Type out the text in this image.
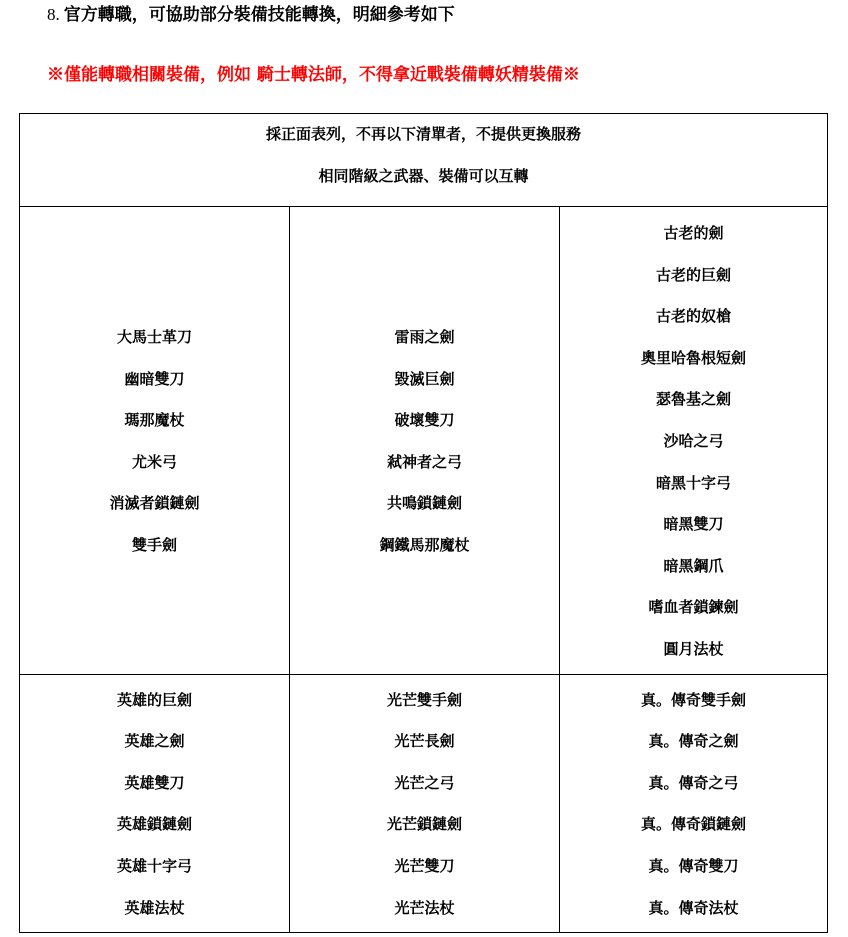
8. 官方轉職，可協助部分裝備技能轉換，明細參考如下
※僅能轉職相關裝備，例如 騎士轉法師，不得拿近戰裝備轉妖精裝備※
採正面表列，不再以下清單者，不提供更換服務
相同階級之武器、裝備可以互轉
大馬士革刀
幽暗雙刀
瑪那魔杖
尤米弓
消滅者鎖鏈劍
雙手劍
雷雨之劍
毀滅巨劍
破壞雙刀
弒神者之弓
共鳴鎖鏈劍
鋼鐵馬那魔杖
古老的劍
古老的巨劍
古老的奴槍
奧里哈魯根短劍
瑟魯基之劍
沙哈之弓
暗黑十字弓
暗黑雙刀
暗黑鋼爪
嗜血者鎖鍊劍
圓月法杖
英雄的巨劍
英雄之劍
英雄雙刀
英雄鎖鏈劍
英雄十字弓
英雄法杖
光芒雙手劍
光芒長劍
光芒之弓
光芒鎖鏈劍
光芒雙刀
光芒法杖
真。傳奇雙手劍
真。傳奇之劍
真。傳奇之弓
真。傳奇鎖鏈劍
真。傳奇雙刀
真。傳奇法杖
